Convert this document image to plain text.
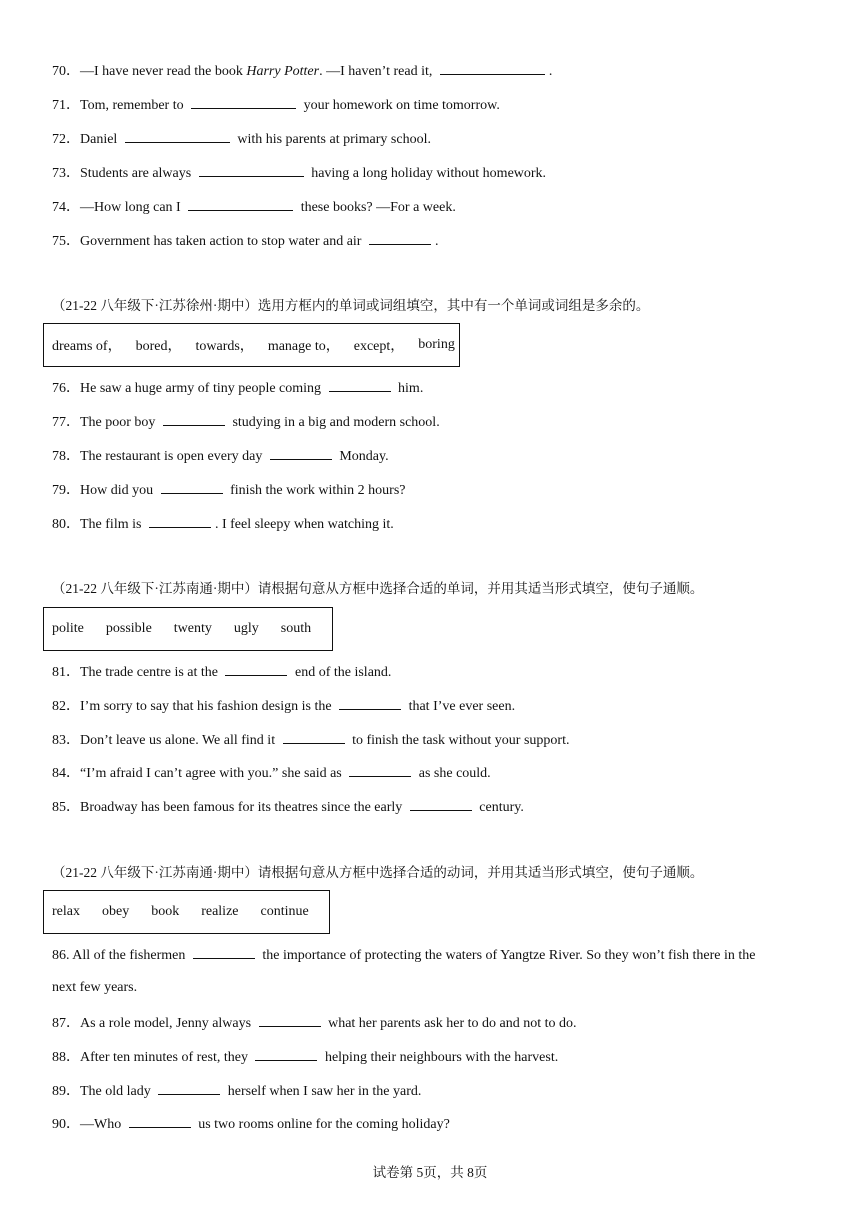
70．—I have never read the book Harry Potter. —I haven’t read it,	.
71．Tom, remember to	your homework on time tomorrow.
72．Daniel	with his parents at primary school.
73．Students are always	having a long holiday without homework.
74．—How long can I	these books? —For a week.
75．Government has taken action to stop water and air	.
（21-22 八年级下·江苏徐州·期中）选用方框内的单词或词组填空，其中有一个单词或词组是多余的。
dreams of， bored， towards， manage to， except， boring
76．He saw a huge army of tiny people coming	him.
77．The poor boy	studying in a big and modern school.
78．The restaurant is open every day	Monday.
79．How did you	finish the work within 2 hours?
80．The film is	. I feel sleepy when watching it.
（21-22 八年级下·江苏南通·期中）请根据句意从方框中选择合适的单词，并用其适当形式填空，使句子通顺。
polite possible twenty ugly south
81．The trade centre is at the	end of the island.
82．I’m sorry to say that his fashion design is the	that I’ve ever seen.
83．Don’t leave us alone. We all find it	to finish the task without your support.
84．“I’m afraid I can’t agree with you.” she said as	as she could.
85．Broadway has been famous for its theatres since the early	century.
（21-22 八年级下·江苏南通·期中）请根据句意从方框中选择合适的动词，并用其适当形式填空，使句子通顺。
relax obey book realize continue
86. All of the fishermen	the importance of protecting the waters of Yangtze River. So they won’t fish there in the
next few years.
87．As a role model, Jenny always	what her parents ask her to do and not to do.
88．After ten minutes of rest, they	helping their neighbours with the harvest.
89．The old lady	herself when I saw her in the yard.
90．—Who	us two rooms online for the coming holiday?
试卷第 5页，共 8页
